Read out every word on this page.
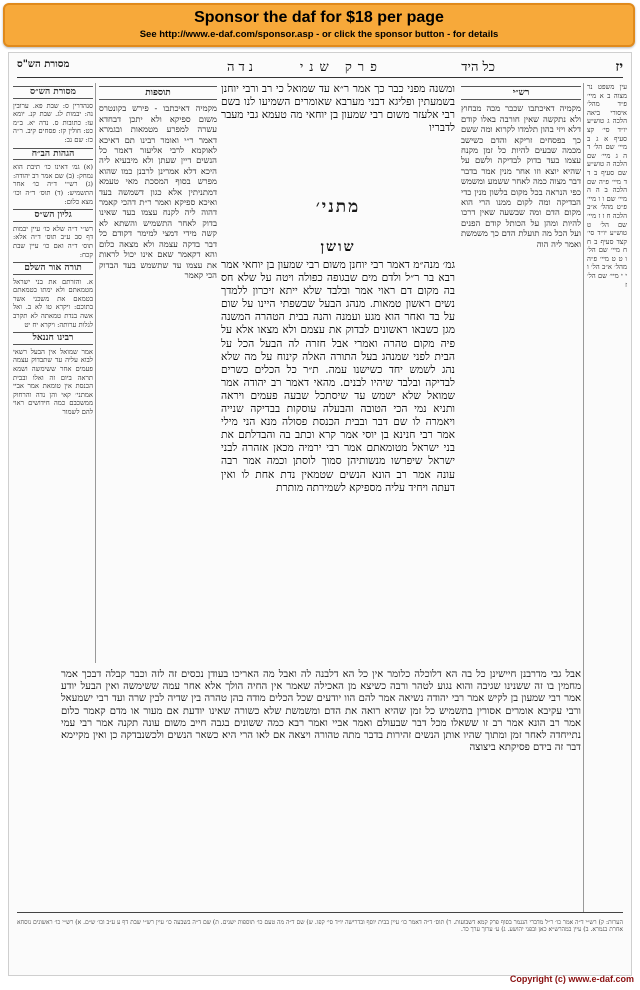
Sponsor the daf for $18 per page
See http://www.e-daf.com/sponsor.asp - or click the sponsor button - for details
יז
נדה	פרק שני	כל היד
מסורת הש"ס

עין משפט נר מצוה ב א מיי׳ פ״ד מהל׳ איסורי ביאה הלכה ג טוש״ע יו״ד סי׳ קצ סעיף א ג ב מיי׳ שם הל׳ ד ה ג מיי׳ שם הלכה ה טוש״ע שם סעיף ב ד ד מיי׳ פ״ה שם הלכה ב ה ה מיי׳ שם ו ו מיי׳ פ״ט מהל׳ א״ב הלכה ח ז ז מיי׳ שם הל׳ ט טוש״ע יו״ד סי׳ קצד סעיף ב ח ח מיי׳ שם הל׳ ו ט ט מיי׳ פ״ה מהל׳ א״ב הל׳ ו י י מיי׳ שם הל׳ ז

רש״י

מקמיה דאיכתבו שכבר מכה מבחוץ ולא נתקשה שאין חורבה באלו קודם דלא ויזי בהון תלמדו לקרוא ומה ששם כך בפסחים זריקא והדם כשישב מכמה שבעים להיות כל זמן מקנח עצמו בעד בדוק לבדיקה ולשם על שהיא יוצא וזו אחר מנין אמר בדבר דבר מצוה כמה לאחר ששמע ומשמש כפי הנראה בכל מקום בלשון מנין כדי הבדיקה ומה לקום ממנו הרי הוא מקום הדם ומה שבשעה שאין דרכו להיות ומהן על הכותל קודם הפנים ועל הכל מה תועלת הדם כך משמשת ואמר ליה הוה

תוספות

מקמיה דאיכתבו - פירש בקונטרס משום ספיקא ולא יתכן דבחדא עשרה למפרע מטמאות ובגמרא דאמר ר״י ואומר רבינו תם דאיכא לאוקמא לרבי אליעזר דאמר כל הנשים דיין שעתן ולא מיבעיא ליה היכא דלא אמרינן לרבנן כמו שהוא מפרש בסוף המסכת מאי טעמא דמתניתין אלא כגון דשמשה בעד ואיכא ספיקא ואמר ר״ת דהכי קאמר דהוה ליה לקנח עצמו בעד שאינו בדוק לאחר התשמיש והשתא לא קשה מידי דמצי למימר דקודם כל דבר בדקה עצמה ולא מצאה כלום והא דקאמר שאם אינו יכול לראות את עצמו עד שתשמש בעד הבדוק הכי קאמר

ומשנה מפני כבר כך אמר ר״א עד שמואל כי רב ורבי יוחנן בשמעתין ופליגא דבני מערבא שאומרים השמיעו לנו בשם רבי אלעזר משום רבי שמעון בן יוחאי מה טעמא גבי מעבר לדבריו

מתני׳
שושן

גמ׳ מנה״מ דאמר רבי יוחנן משום רבי שמעון בן יוחאי אמר רבא בר ר״ל ולדם מים שבגופה כפולה ויטה על שלא חס בה מקום דם ראוי אמר ובלבד שלא ייתא זיכרון ללמדך נשים ראשון טמאות. מנהג הבעל שבשפתי היינו על שום על בד ואחר הוא מגע ועמנה והנה בבית הטהרה המשנה מגן כשבאו ראשונים לבדוק את עצמם ולא מצאו אלא על פיה מקום טהרה ואמרי אבל חזרה לה הבעל הכל על הבית לפני שמנהג בעל התורה האלה קינוח על מה שלא נהג לשמש יחד כשישנו עמה. ת״ר כל הכלים כשרים לבדיקה ובלבד שיהיו לבנים. מהאי דאמר רב יהודה אמר שמואל שלא ישמש עד שיסתכל שבעה פעמים ויראה ותניא נמי הכי הטובה והבעלה עוסקות בבדיקה שנייה ויאמרה לו שם דבר ובבית הכנסת פסולה מנא הני מילי אמר רבי חנינא בן יוסי אמר קרא וכתב בה והבדלתם את בני ישראל מטומאתם אמר רבי ירמיה מכאן אזהרה לבני ישראל שיפרשו מנשותיהן סמוך לוסתן וכמה אמר רבה עונה אמר רב הונא הנשים שטמאין נדת אחת לו ואין דעתה ויחיד עליה מספיקא לשמירתה מותרת

אבל גבי מדרבנן חיישינן כל בה הא דלוכלה כלומר אין כל הא דלבנה לה ואבל מה האריכו בעודן נכסים זה לזה וכבר קבלה דבכך אמר מחמין בו זה ששנינו שגיבה והוא נגוע לטהר ורבה כשיצא מן האכילה שאמר אין החיה הולך אלא אחר עמה ששימשה ואין הבעל יודע אמר רבי שמעון בן לקיש אמר רבי יהודה נשיאה אמר להם הוו יודעים שכל הכלים מודה בהן טהרה בין שדיה לבין שרה ועד רבי ישמעאל ורבי עקיבא אומרים אסורין בתשמיש כל זמן שהיא רואה את הדם ומשמשת שלא כשורה שאינו יודעת אם מעור או מדם קאמר כלום אמר רב הונא אמר רב זו ששאלו מכל דבר שבעולם ואמר אביי ואמר רבא כמה ששונים בגבה חייב משום עונה תקנה אמר רבי עמי נתייחדה לאחר זמן ומתוך שהיו אותן הנשים זהירות בדבר מתה טהורה ויצאה אם לאו הרי היא כשאר הנשים ולכשנבדקה כן ואין מקיימא דבר זה בידם פסיקתא ביצוצה

מסורת הש״ס

סנהדרין ס: שבת פא. ערובין נה: יבמות לג. שבת קנ. יומא עז: כתובות ס. נדה יא. ב״מ כט: חולין קז: פסחים קיב. ר״ה כז: שם נב:

הגהות הב״ח

(א) גמ׳ דאינו כו׳ תיבת הוא נמחק: (ב) שם אמר רב יהודה: (ג) רש״י ד״ה כו׳ אחר התשמיש: (ד) תוס׳ ד״ה וכו׳ מצא כלום:

גליון הש״ס

רש״י ד״ה שלא כו׳ עיין יבמות דף סב ע״ב תוס׳ ד״ה אלא: תוס׳ ד״ה ואם כו׳ עיין שבת קכח:

תורה אור השלם

א. והזרתם את בני ישראל מטמאתם ולא ימתו בטמאתם בטמאם את משכני אשר בתוכם: ויקרא טו לא ב. ואל אשה בנדת טמאתה לא תקרב לגלות ערותה: ויקרא יח יט

רבינו חננאל

אמר שמואל אין הבעל רשאי לבוא עליה עד שתבדוק עצמה פעמים אחר ששימשה ושמא תראה ביום זה ואלו ובבית הכנסת אין טומאת אמר אביי אמתני׳ קאי והן נדה והרחוק ממשכבם כמה חידושים ראוי להם לשמור

הערות: ק) רש״י ד״ה אמר כו׳ ר״ל מדברי הנגמר בסוף פרק קמא דשבועות. ר) תוס׳ ד״ה דאמר כו׳ עיין בבית יוסף ובדרישה יו״ד סי׳ קפו. ש) שם ד״ה מה טעם כו׳ תוספות ישנים. ת) שם ד״ה בשבעה כו׳ עיין רש״י שבת דף ע ע״ב וכו׳ ש״ם. א) רש״י כו׳ ראשונים נוסחא אחרת בגמרא. ב) עיין במהרש״א כאן ובפני יהושע. ג) ע׳ ערוך ערך כד.

Copyright (c) www.e-daf.com
